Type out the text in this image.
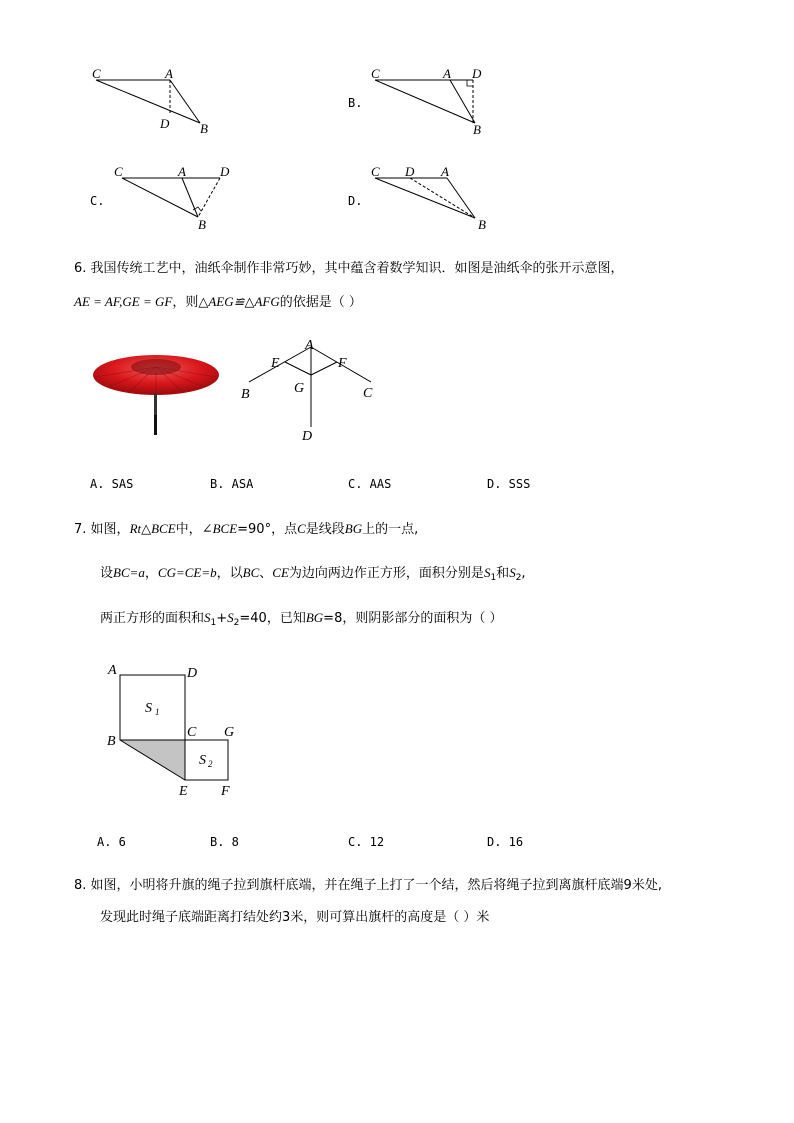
C	A
D B
B.
C	A D
B
C.
C	A	D
B
D.
C D A
B
6. 我国传统工艺中，油纸伞制作非常巧妙，其中蕴含着数学知识．如图是油纸伞的张开示意图，
AE = AF,GE = GF，则△AEG≌△AFG的依据是（ ）
A
E	F
G
B	C
D
A. SAS	B. ASA	C. AAS	D. SSS
7. 如图，Rt△BCE中，∠BCE=90°，点C是线段BG上的一点,
设BC=a，CG=CE=b，以BC、CE为边向两边作正方形，面积分别是$S_1$和$S_2$,
两正方形的面积和$S_1+S_2=40$，已知BG=8，则阴影部分的面积为（ ）
A	D
S 1
C G
B
S 2
E F
A. 6	B. 8	C. 12	D. 16
8. 如图，小明将升旗的绳子拉到旗杆底端，并在绳子上打了一个结，然后将绳子拉到离旗杆底端9米处,
发现此时绳子底端距离打结处约3米，则可算出旗杆的高度是（ ）米
